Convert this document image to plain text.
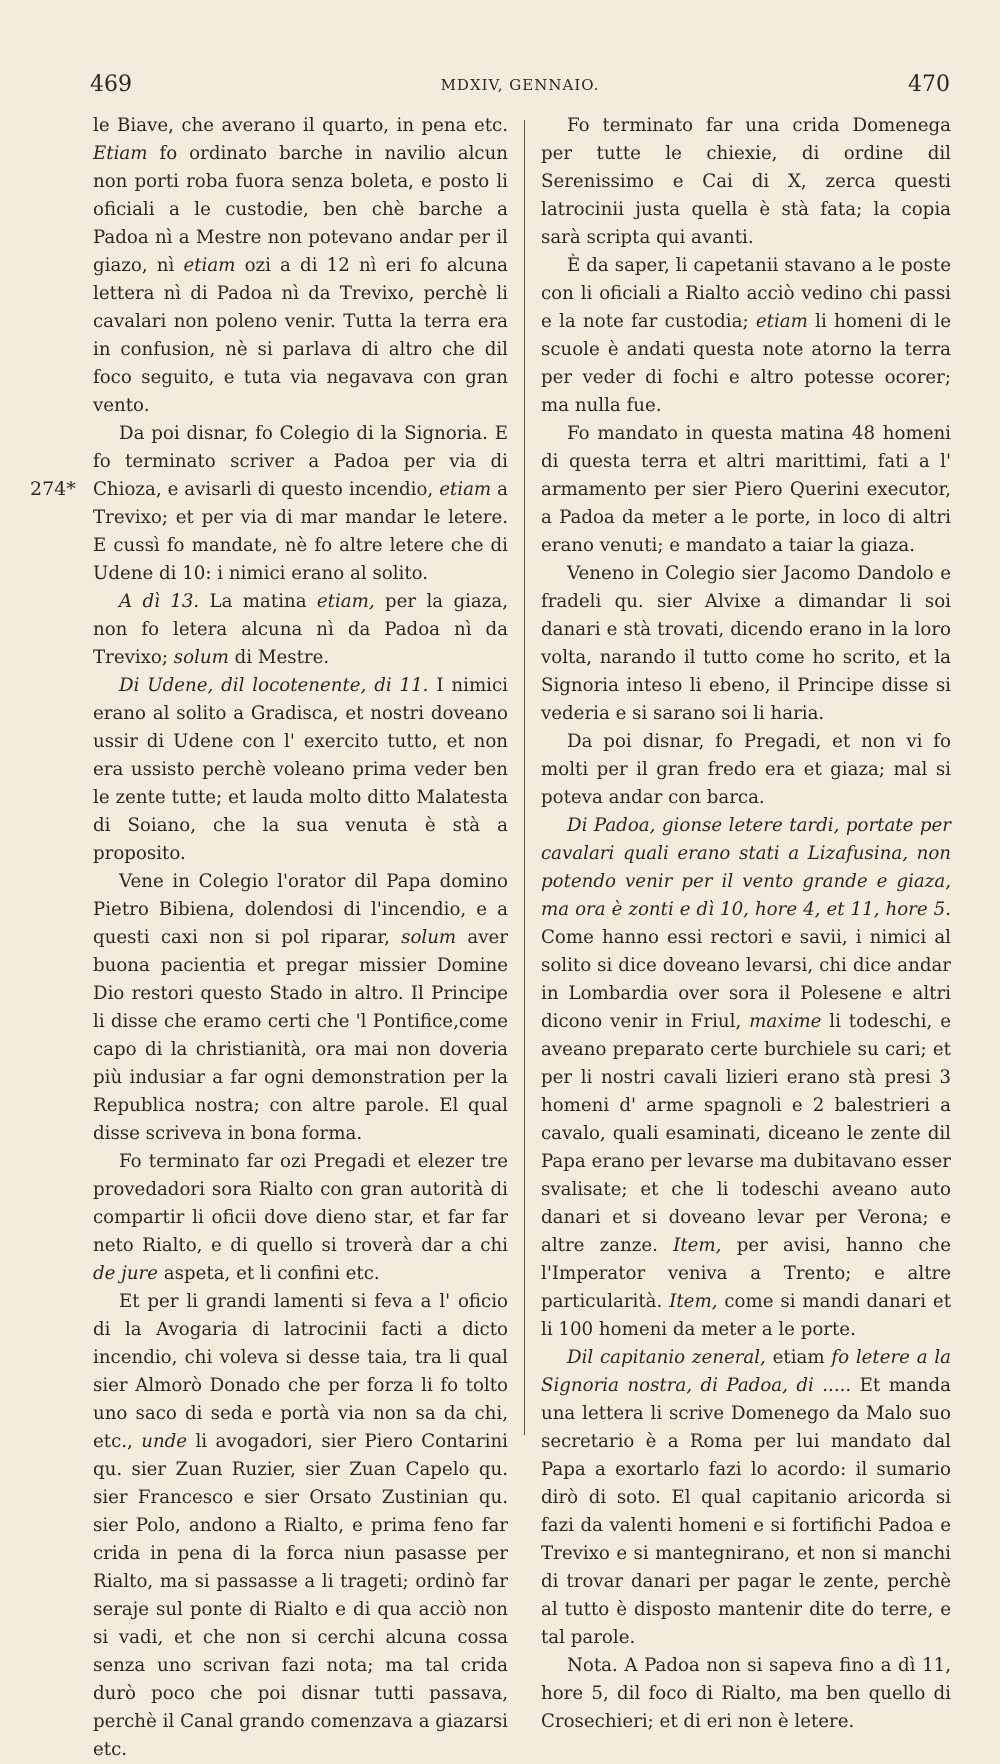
469	MDXIV, GENNAIO.	470
274*

le Biave, che averano il quarto, in pena etc. Etiam fo ordinato barche in navilio alcun non porti roba fuora senza boleta, e posto li oficiali a le custodie, ben chè barche a Padoa nì a Mestre non potevano andar per il giazo, nì etiam ozi a di 12 nì eri fo alcuna lettera nì di Padoa nì da Trevixo, perchè li cavalari non poleno venir. Tutta la terra era in confusion, nè si parlava di altro che dil foco seguito, e tuta via negavava con gran vento.

Da poi disnar, fo Colegio di la Signoria. E fo terminato scriver a Padoa per via di Chioza, e avisarli di questo incendio, etiam a Trevixo; et per via di mar mandar le letere. E cussì fo mandate, nè fo altre letere che di Udene di 10: i nimici erano al solito.

A dì 13. La matina etiam, per la giaza, non fo letera alcuna nì da Padoa nì da Trevixo; solum di Mestre.

Di Udene, dil locotenente, di 11. I nimici erano al solito a Gradisca, et nostri doveano ussir di Udene con l' exercito tutto, et non era ussisto perchè voleano prima veder ben le zente tutte; et lauda molto ditto Malatesta di Soiano, che la sua venuta è stà a proposito.

Vene in Colegio l'orator dil Papa domino Pietro Bibiena, dolendosi di l'incendio, e a questi caxi non si pol riparar, solum aver buona pacientia et pregar missier Domine Dio restori questo Stado in altro. Il Principe li disse che eramo certi che 'l Pontifice,come capo di la christianità, ora mai non doveria più indusiar a far ogni demonstration per la Republica nostra; con altre parole. El qual disse scriveva in bona forma.

Fo terminato far ozi Pregadi et elezer tre provedadori sora Rialto con gran autorità di compartir li oficii dove dieno star, et far far neto Rialto, e di quello si troverà dar a chi de jure aspeta, et li confini etc.

Et per li grandi lamenti si feva a l' oficio di la Avogaria di latrocinii facti a dicto incendio, chi voleva si desse taia, tra li qual sier Almorò Donado che per forza li fo tolto uno saco di seda e portà via non sa da chi, etc., unde li avogadori, sier Piero Contarini qu. sier Zuan Ruzier, sier Zuan Capelo qu. sier Francesco e sier Orsato Zustinian qu. sier Polo, andono a Rialto, e prima feno far crida in pena di la forca niun pasasse per Rialto, ma si passasse a li trageti; ordinò far seraje sul ponte di Rialto e di qua acciò non si vadi, et che non si cerchi alcuna cossa senza uno scrivan fazi nota; ma tal crida durò poco che poi disnar tutti passava, perchè il Canal grando comenzava a giazarsi etc.

Fo terminato far una crida Domenega per tutte le chiexie, di ordine dil Serenissimo e Cai di X, zerca questi latrocinii justa quella è stà fata; la copia sarà scripta qui avanti.

È da saper, li capetanii stavano a le poste con li oficiali a Rialto acciò vedino chi passi e la note far custodia; etiam li homeni di le scuole è andati questa note atorno la terra per veder di fochi e altro potesse ocorer; ma nulla fue.

Fo mandato in questa matina 48 homeni di questa terra et altri marittimi, fati a l' armamento per sier Piero Querini executor, a Padoa da meter a le porte, in loco di altri erano venuti; e mandato a taiar la giaza.

Veneno in Colegio sier Jacomo Dandolo e fradeli qu. sier Alvixe a dimandar li soi danari e stà trovati, dicendo erano in la loro volta, narando il tutto come ho scrito, et la Signoria inteso li ebeno, il Principe disse si vederia e si sarano soi li haria.

Da poi disnar, fo Pregadi, et non vi fo molti per il gran fredo era et giaza; mal si poteva andar con barca.

Di Padoa, gionse letere tardi, portate per cavalari quali erano stati a Lizafusina, non potendo venir per il vento grande e giaza, ma ora è zonti e dì 10, hore 4, et 11, hore 5. Come hanno essi rectori e savii, i nimici al solito si dice doveano levarsi, chi dice andar in Lombardia over sora il Polesene e altri dicono venir in Friul, maxime li todeschi, e aveano preparato certe burchiele su cari; et per li nostri cavali lizieri erano stà presi 3 homeni d' arme spagnoli e 2 balestrieri a cavalo, quali esaminati, diceano le zente dil Papa erano per levarse ma dubitavano esser svalisate; et che li todeschi aveano auto danari et si doveano levar per Verona; e altre zanze. Item, per avisi, hanno che l'Imperator veniva a Trento; e altre particularità. Item, come si mandi danari et li 100 homeni da meter a le porte.

Dil capitanio zeneral, etiam fo letere a la Signoria nostra, di Padoa, di ..... Et manda una lettera li scrive Domenego da Malo suo secretario è a Roma per lui mandato dal Papa a exortarlo fazi lo acordo: il sumario dirò di soto. El qual capitanio aricorda si fazi da valenti homeni e si fortifichi Padoa e Trevixo e si mantegnirano, et non si manchi di trovar danari per pagar le zente, perchè al tutto è disposto mantenir dite do terre, e tal parole.

Nota. A Padoa non si sapeva fino a dì 11, hore 5, dil foco di Rialto, ma ben quello di Crosechieri; et di eri non è letere.
